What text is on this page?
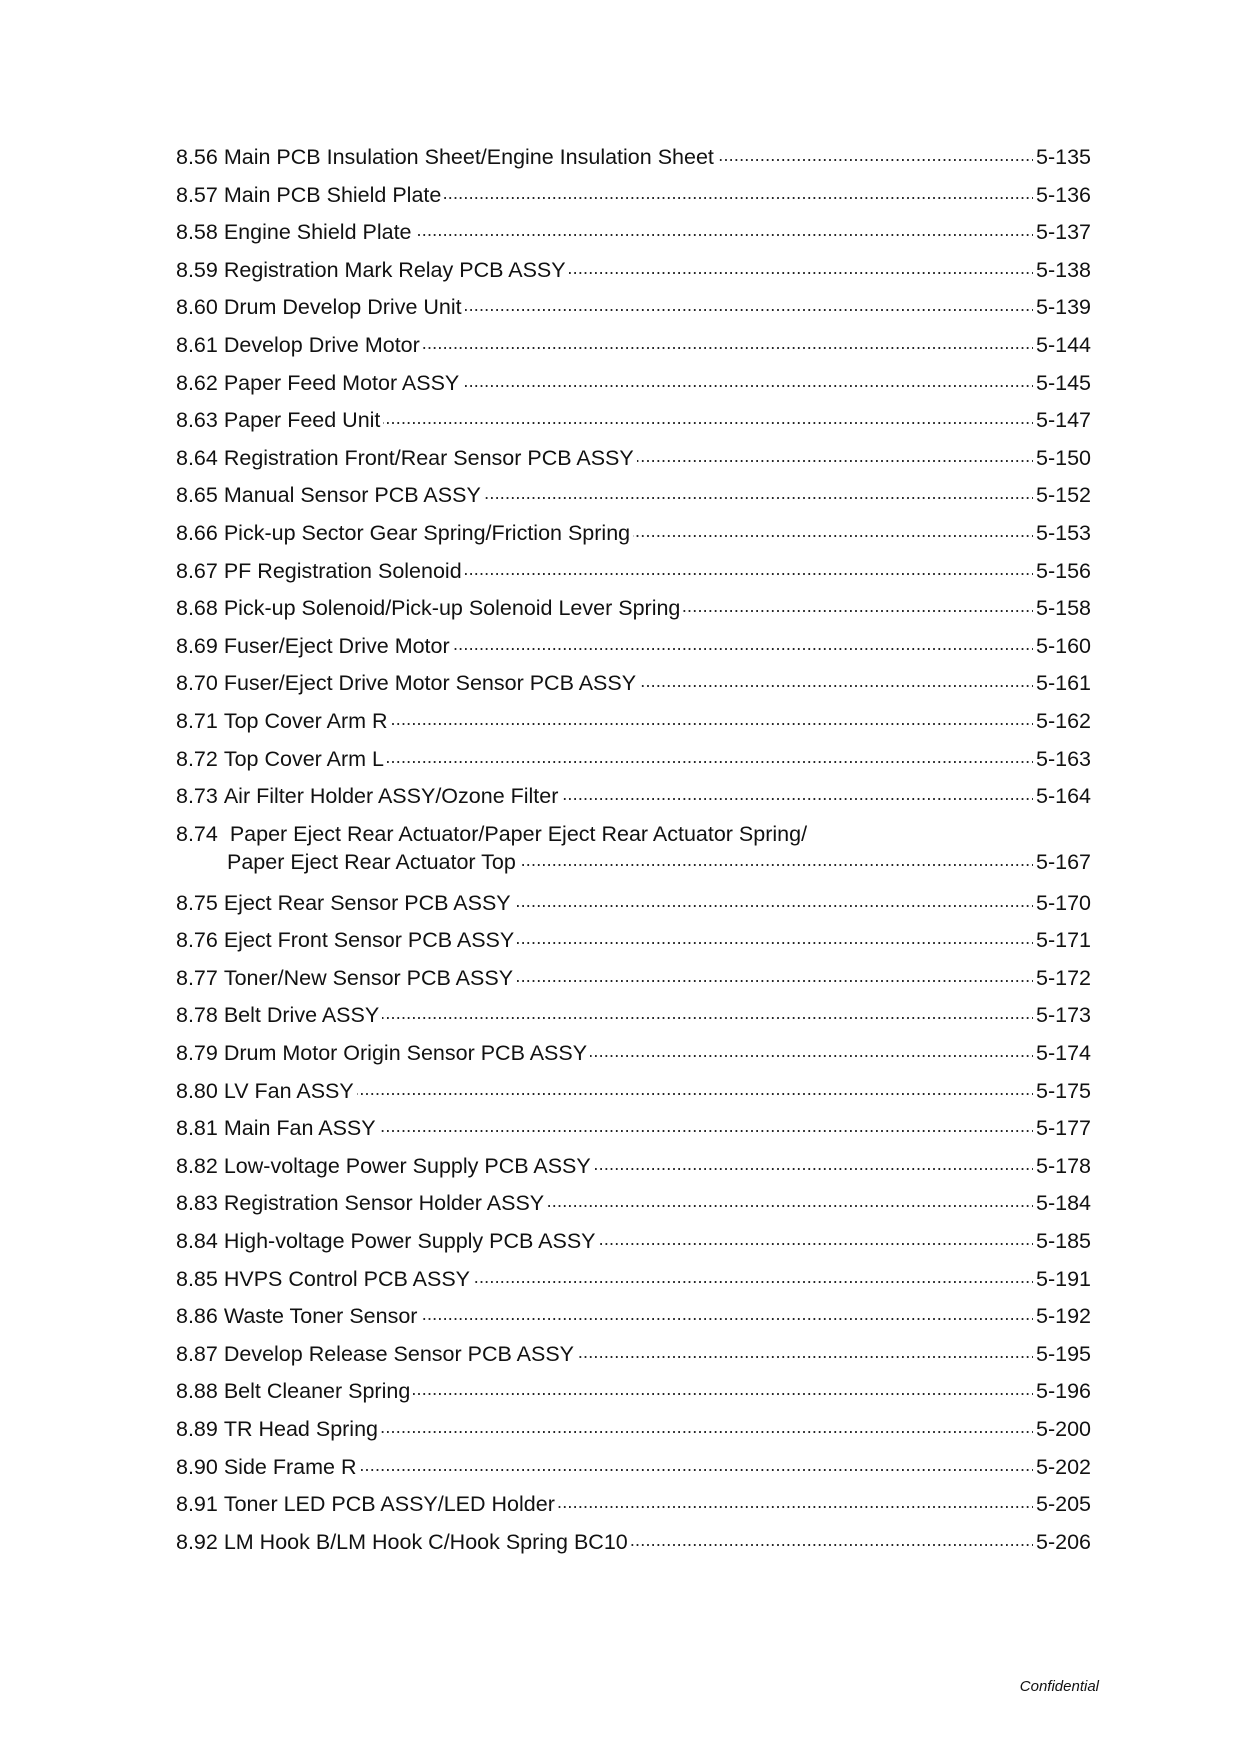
8.56 Main PCB Insulation Sheet/Engine Insulation Sheet . . .	5-135
8.57 Main PCB Shield Plate . . .	5-136
8.58 Engine Shield Plate . . .	5-137
8.59 Registration Mark Relay PCB ASSY . . .	5-138
8.60 Drum Develop Drive Unit . . .	5-139
8.61 Develop Drive Motor . . .	5-144
8.62 Paper Feed Motor ASSY . . .	5-145
8.63 Paper Feed Unit . . .	5-147
8.64 Registration Front/Rear Sensor PCB ASSY . . .	5-150
8.65 Manual Sensor PCB ASSY . . .	5-152
8.66 Pick-up Sector Gear Spring/Friction Spring . . .	5-153
8.67 PF Registration Solenoid . . .	5-156
8.68 Pick-up Solenoid/Pick-up Solenoid Lever Spring . . .	5-158
8.69 Fuser/Eject Drive Motor . . .	5-160
8.70 Fuser/Eject Drive Motor Sensor PCB ASSY . . .	5-161
8.71 Top Cover Arm R . . .	5-162
8.72 Top Cover Arm L . . .	5-163
8.73 Air Filter Holder ASSY/Ozone Filter . . .	5-164
8.74 Paper Eject Rear Actuator/Paper Eject Rear Actuator Spring/
Paper Eject Rear Actuator Top . . .	5-167
8.75 Eject Rear Sensor PCB ASSY . . .	5-170
8.76 Eject Front Sensor PCB ASSY . . .	5-171
8.77 Toner/New Sensor PCB ASSY . . .	5-172
8.78 Belt Drive ASSY . . .	5-173
8.79 Drum Motor Origin Sensor PCB ASSY . . .	5-174
8.80 LV Fan ASSY . . .	5-175
8.81 Main Fan ASSY . . .	5-177
8.82 Low-voltage Power Supply PCB ASSY . . .	5-178
8.83 Registration Sensor Holder ASSY . . .	5-184
8.84 High-voltage Power Supply PCB ASSY . . .	5-185
8.85 HVPS Control PCB ASSY . . .	5-191
8.86 Waste Toner Sensor . . .	5-192
8.87 Develop Release Sensor PCB ASSY . . .	5-195
8.88 Belt Cleaner Spring . . .	5-196
8.89 TR Head Spring . . .	5-200
8.90 Side Frame R . . .	5-202
8.91 Toner LED PCB ASSY/LED Holder . . .	5-205
8.92 LM Hook B/LM Hook C/Hook Spring BC10 . . .	5-206
Confidential
